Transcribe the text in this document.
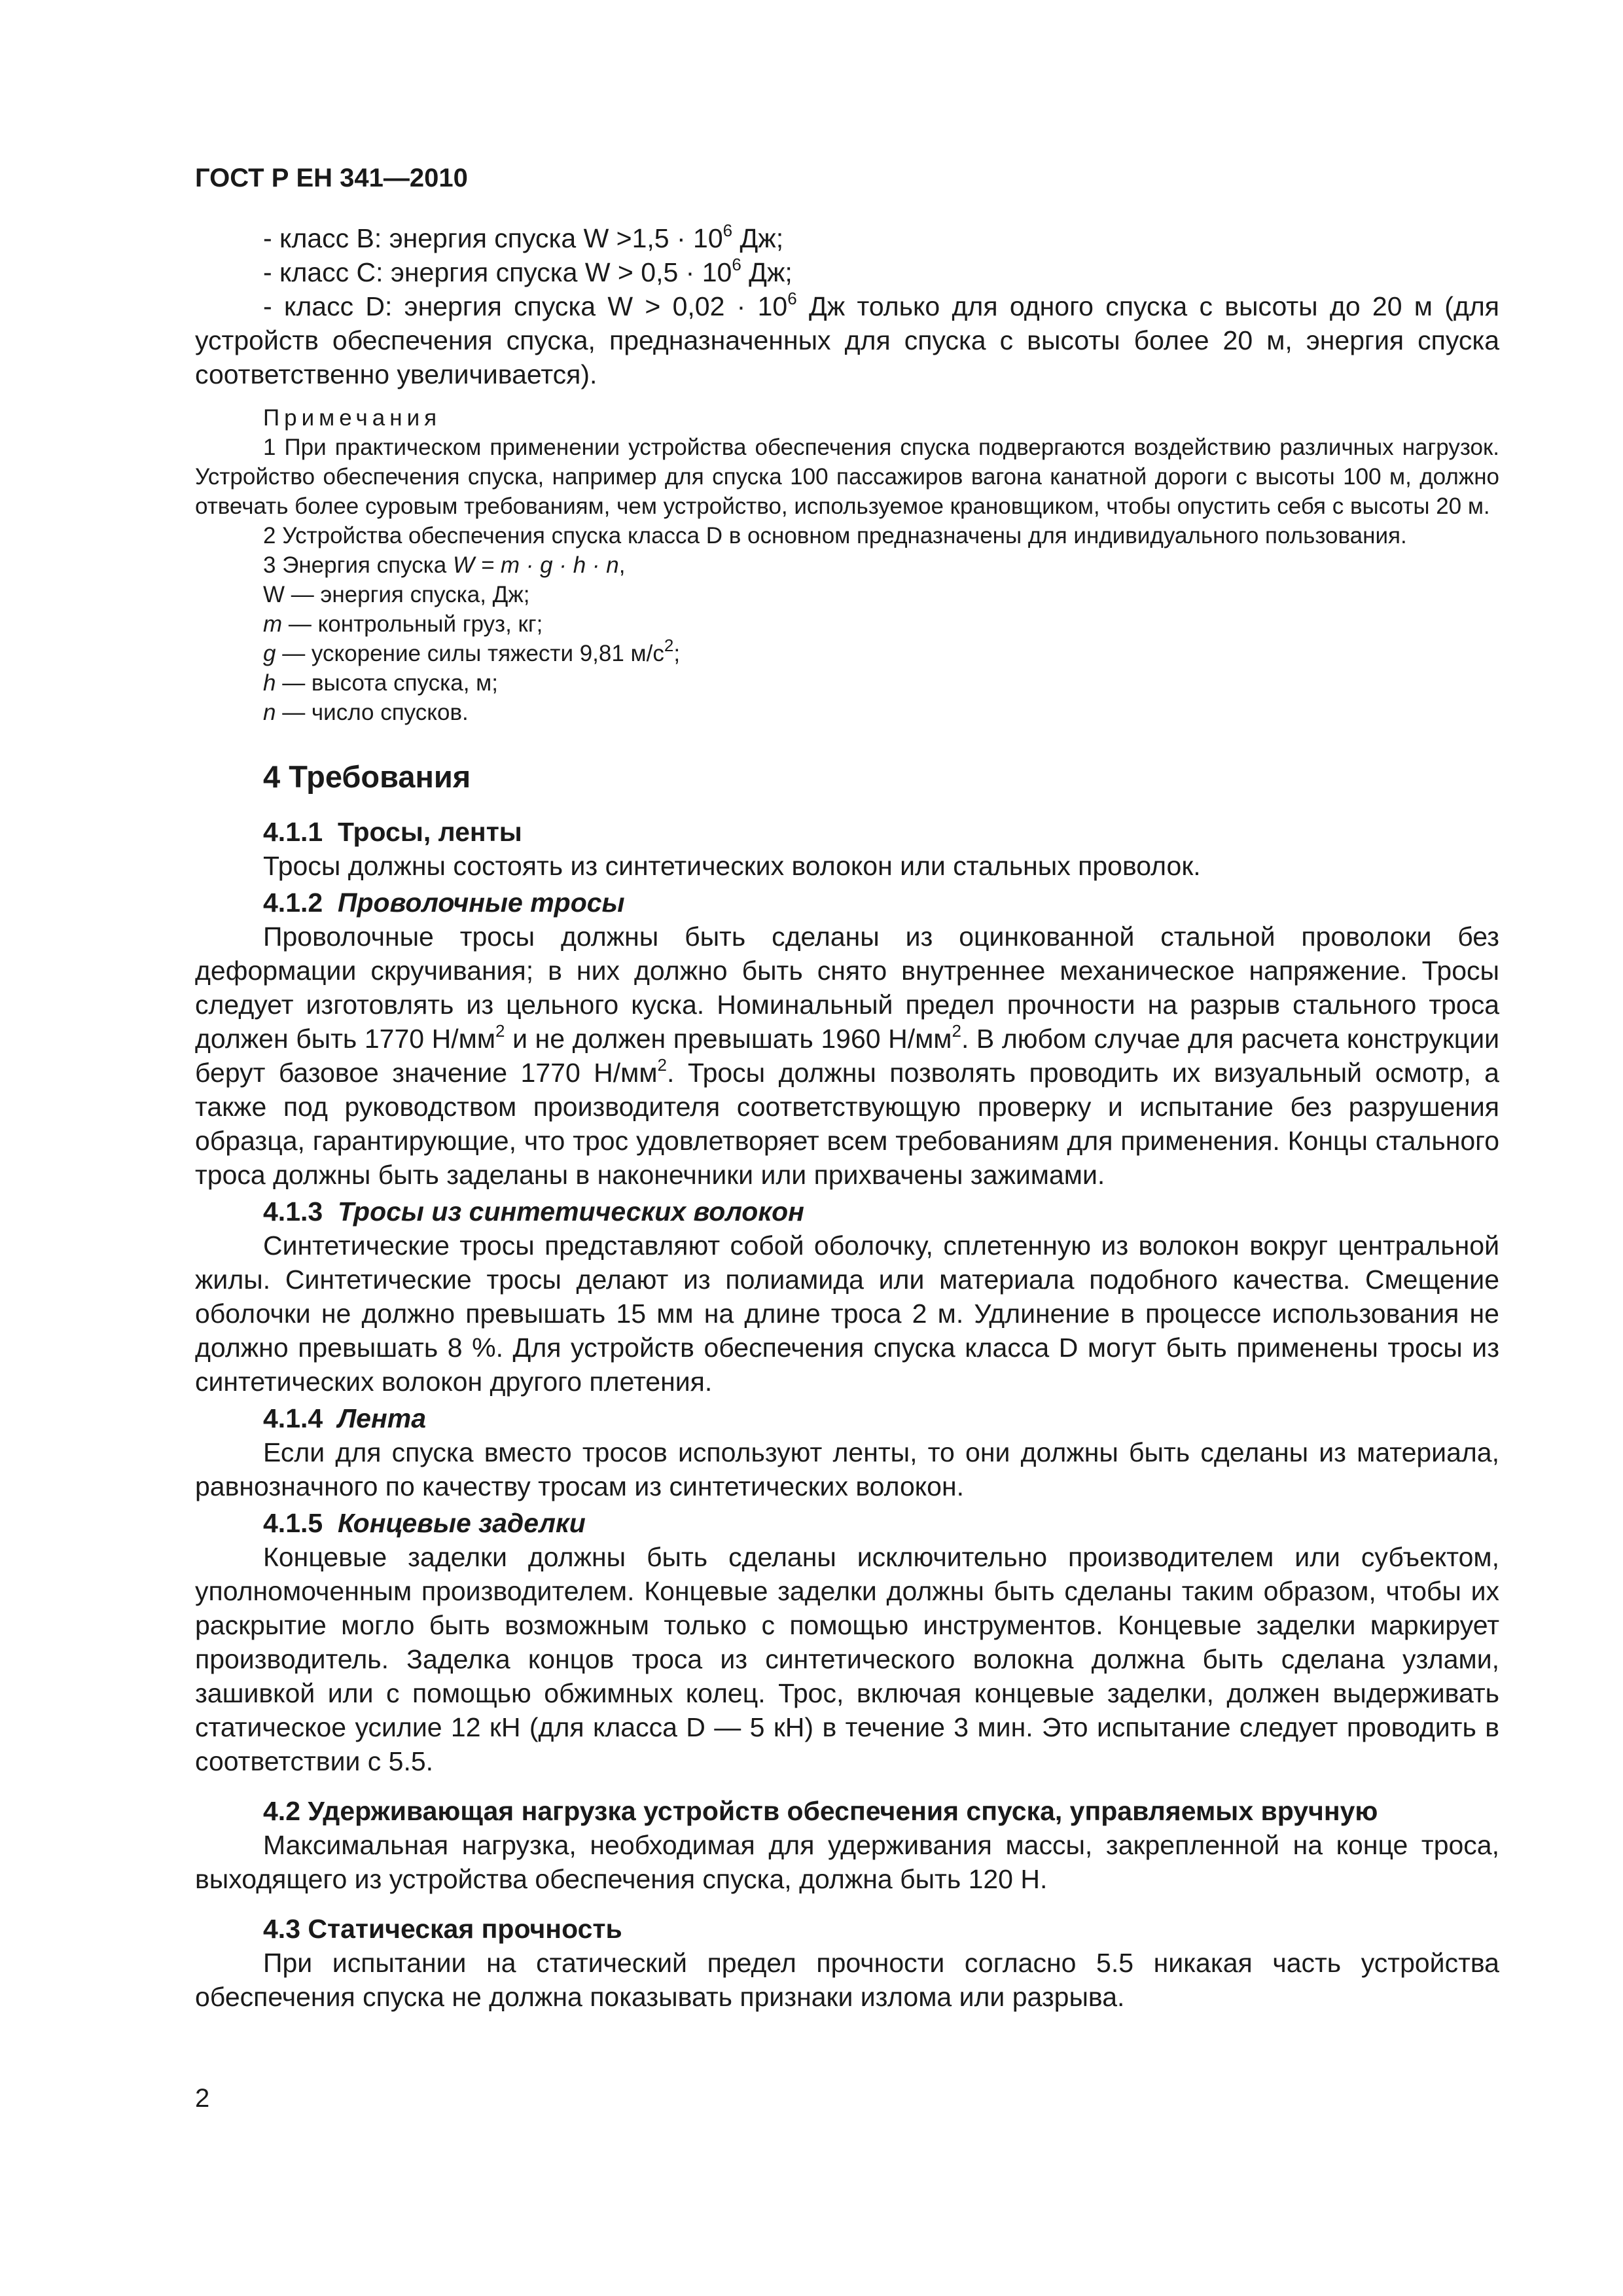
ГОСТ Р ЕН 341—2010

- класс B: энергия спуска $W >1,5 \cdot 10^6$ Дж;

- класс C: энергия спуска $W > 0,5 \cdot 10^6$ Дж;

- класс D: энергия спуска $W > 0,02 \cdot 10^6$ Дж только для одного спуска с высоты до 20 м (для устройств обеспечения спуска, предназначенных для спуска с высоты более 20 м, энергия спуска соответственно увеличивается).

Примечания

1 При практическом применении устройства обеспечения спуска подвергаются воздействию различных нагрузок. Устройство обеспечения спуска, например для спуска 100 пассажиров вагона канатной дороги с высоты 100 м, должно отвечать более суровым требованиям, чем устройство, используемое крановщиком, чтобы опустить себя с высоты 20 м.

2 Устройства обеспечения спуска класса D в основном предназначены для индивидуального пользования.

3 Энергия спуска W = m · g · h · n,

W — энергия спуска, Дж;
m — контрольный груз, кг;
g — ускорение силы тяжести 9,81 $м/с^2$;
h — высота спуска, м;
n — число спусков.
4 Требования
4.1.1 Тросы, ленты

Тросы должны состоять из синтетических волокон или стальных проволок.

4.1.2 Проволочные тросы

Проволочные тросы должны быть сделаны из оцинкованной стальной проволоки без деформации скручивания; в них должно быть снято внутреннее механическое напряжение. Тросы следует изготовлять из цельного куска. Номинальный предел прочности на разрыв стального троса должен быть 1770 $Н/мм^2$ и не должен превышать 1960 $Н/мм^2$. В любом случае для расчета конструкции берут базовое значение 1770 $Н/мм^2$. Тросы должны позволять проводить их визуальный осмотр, а также под руководством производителя соответствующую проверку и испытание без разрушения образца, гарантирующие, что трос удовлетворяет всем требованиям для применения. Концы стального троса должны быть заделаны в наконечники или прихвачены зажимами.

4.1.3 Тросы из синтетических волокон

Синтетические тросы представляют собой оболочку, сплетенную из волокон вокруг центральной жилы. Синтетические тросы делают из полиамида или материала подобного качества. Смещение оболочки не должно превышать 15 мм на длине троса 2 м. Удлинение в процессе использования не должно превышать 8 %. Для устройств обеспечения спуска класса D могут быть применены тросы из синтетических волокон другого плетения.

4.1.4 Лента

Если для спуска вместо тросов используют ленты, то они должны быть сделаны из материала, равнозначного по качеству тросам из синтетических волокон.

4.1.5 Концевые заделки

Концевые заделки должны быть сделаны исключительно производителем или субъектом, уполномоченным производителем. Концевые заделки должны быть сделаны таким образом, чтобы их раскрытие могло быть возможным только с помощью инструментов. Концевые заделки маркирует производитель. Заделка концов троса из синтетического волокна должна быть сделана узлами, зашивкой или с помощью обжимных колец. Трос, включая концевые заделки, должен выдерживать статическое усилие 12 кН (для класса D — 5 кН) в течение 3 мин. Это испытание следует проводить в соответствии с 5.5.

4.2 Удерживающая нагрузка устройств обеспечения спуска, управляемых вручную

Максимальная нагрузка, необходимая для удерживания массы, закрепленной на конце троса, выходящего из устройства обеспечения спуска, должна быть 120 Н.

4.3 Статическая прочность

При испытании на статический предел прочности согласно 5.5 никакая часть устройства обеспечения спуска не должна показывать признаки излома или разрыва.

2
